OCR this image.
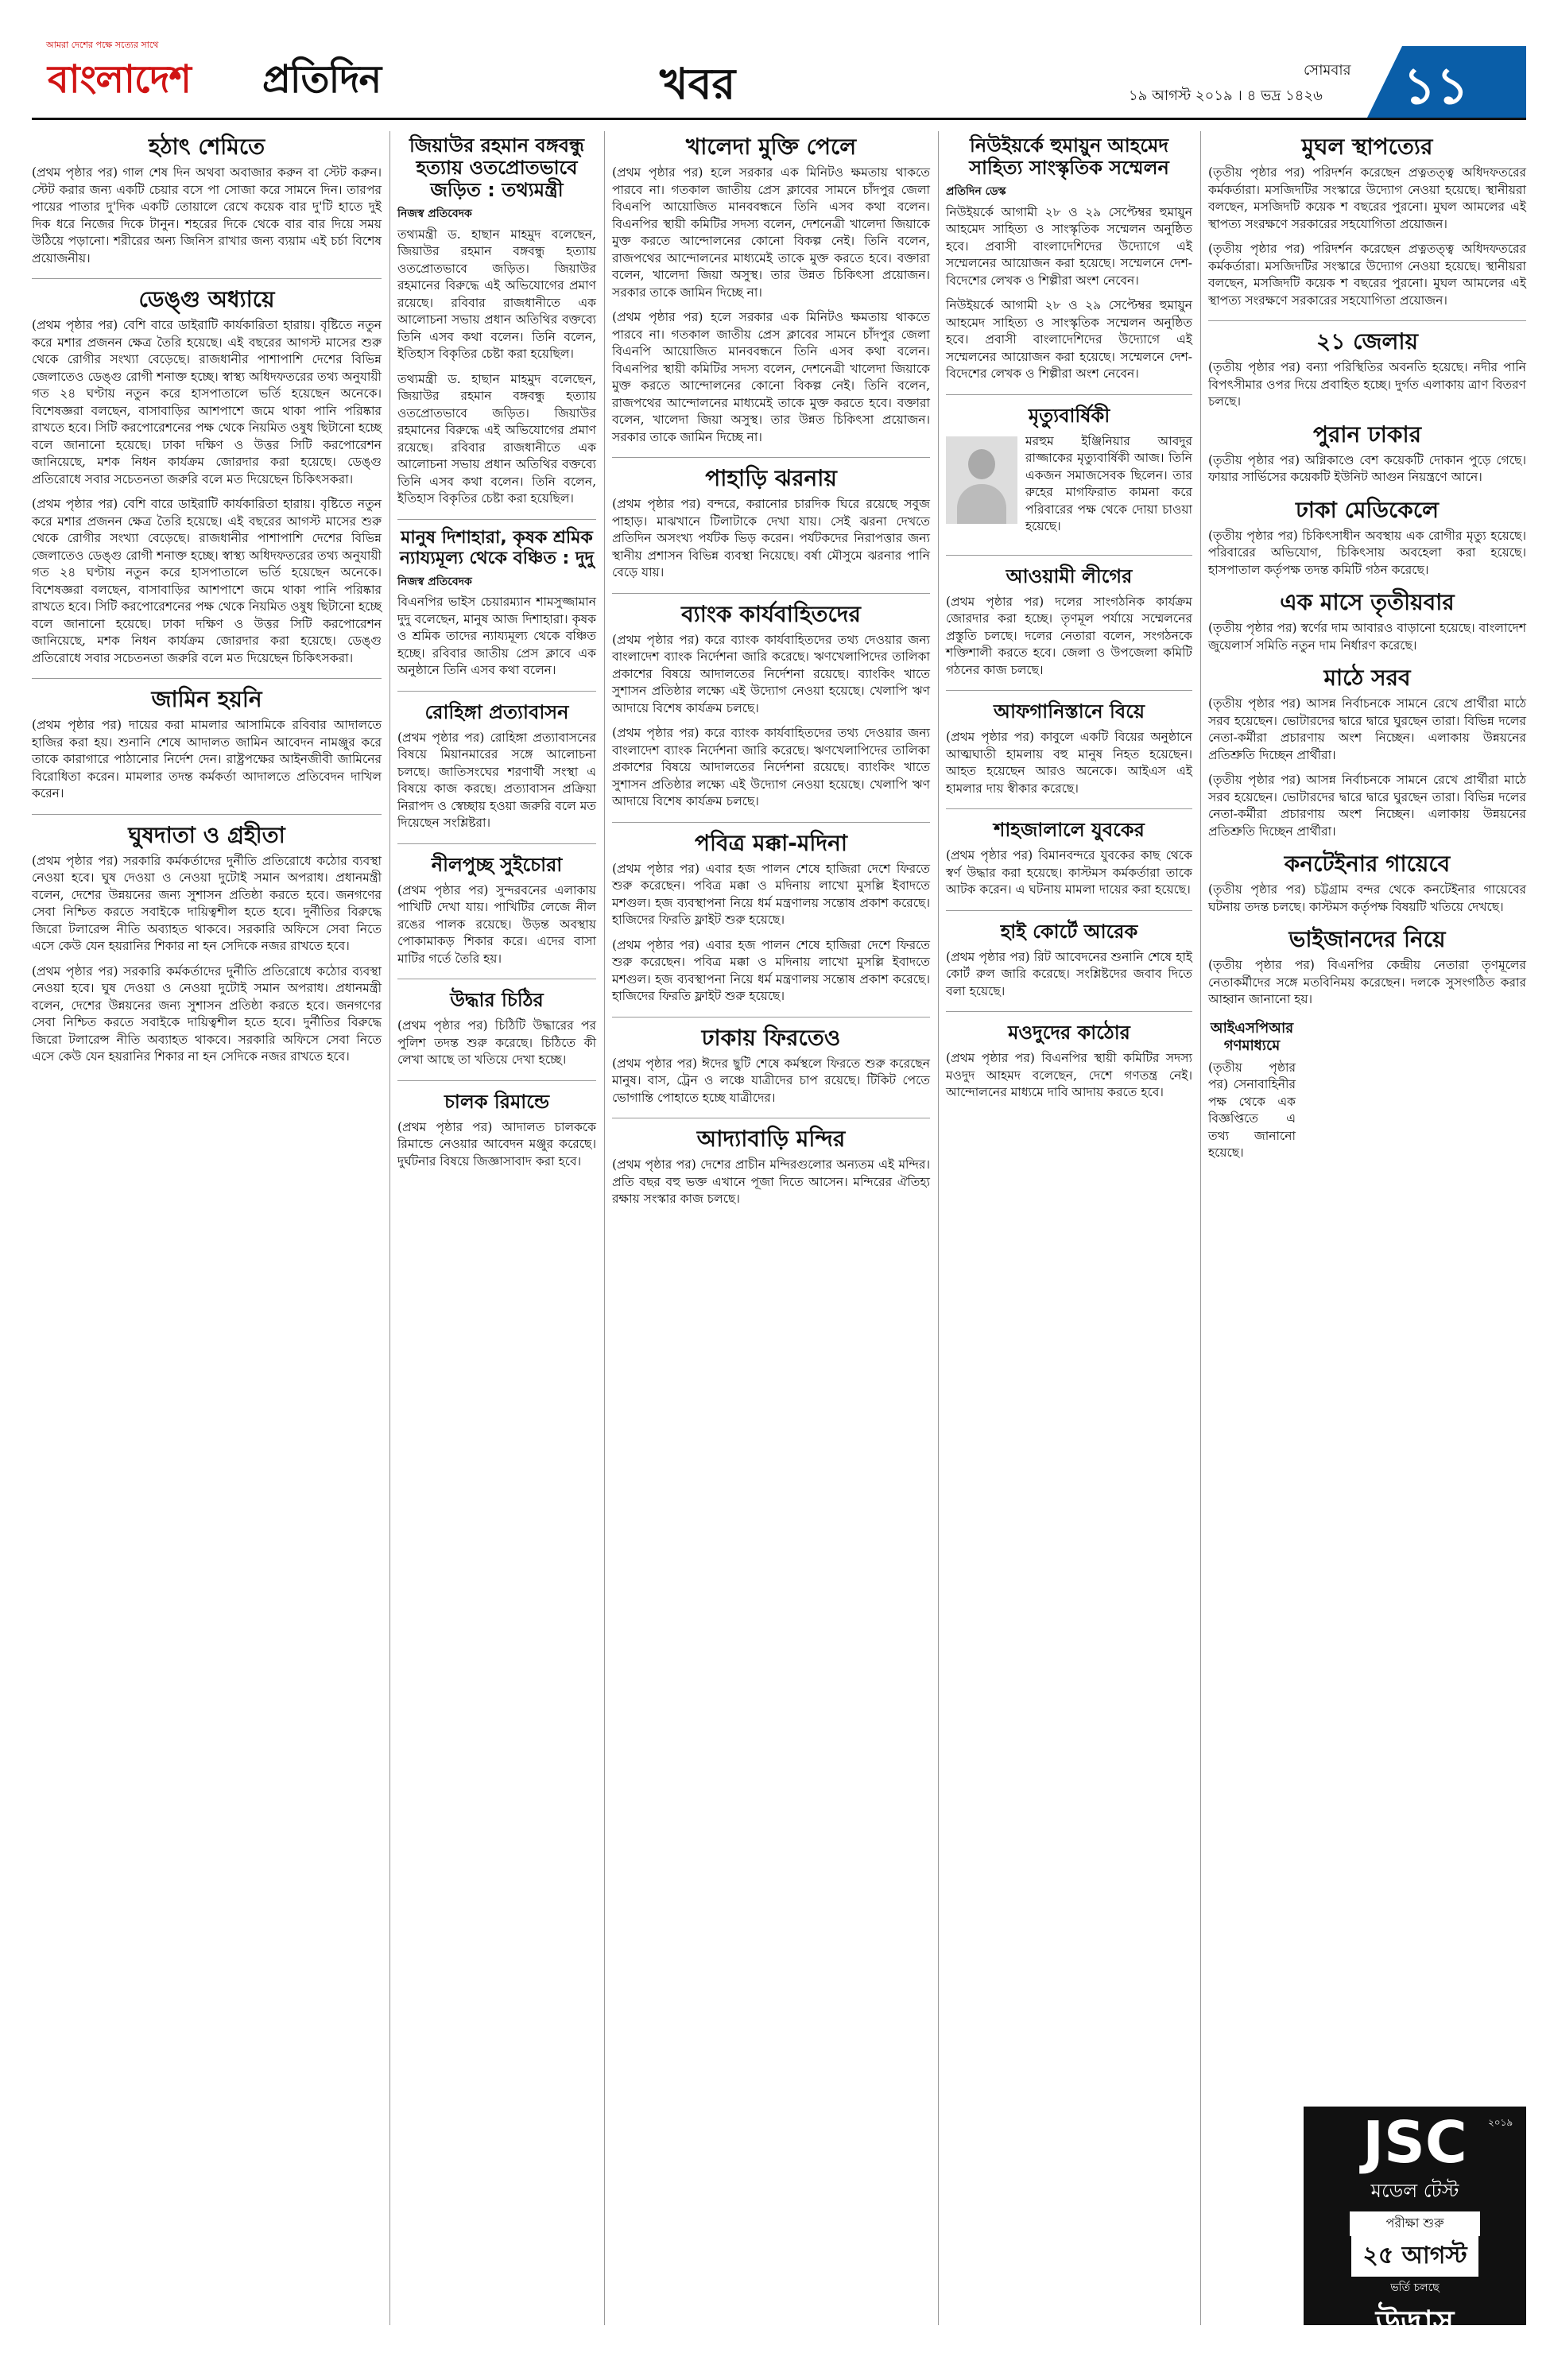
আমরা দেশের পক্ষে সত্যের সাথে
বাংলাদেশ প্রতিদিন	খবর	সোমবার
১৯ আগস্ট ২০১৯ । ৪ ভদ্র ১৪২৬ ১১
হঠাৎ শেমিতে

(প্রথম পৃষ্ঠার পর) গাল শেষ দিন অথবা অবাজার করুন বা স্টেট করুন। স্টেট করার জন্য একটি চেয়ার বসে পা সোজা করে সামনে দিন। তারপর পায়ের পাতার দু'দিক একটি তোয়ালে রেখে কয়েক বার দু'টি হাতে দুই দিক ধরে নিজের দিকে টানুন। শহরের দিকে থেকে বার বার দিয়ে সময় উঠিয়ে পড়ানো। শরীরের অন্য জিনিস রাখার জন্য ব্যয়াম এই চর্চা বিশেষ প্রয়োজনীয়।

ডেঙ্গু অধ্যায়ে

(প্রথম পৃষ্ঠার পর) বেশি বারে ডাইরাটি কার্যকারিতা হারায়। বৃষ্টিতে নতুন করে মশার প্রজনন ক্ষেত্র তৈরি হয়েছে। এই বছরের আগস্ট মাসের শুরু থেকে রোগীর সংখ্যা বেড়েছে। রাজধানীর পাশাপাশি দেশের বিভিন্ন জেলাতেও ডেঙ্গু রোগী শনাক্ত হচ্ছে। স্বাস্থ্য অধিদফতরের তথ্য অনুযায়ী গত ২৪ ঘণ্টায় নতুন করে হাসপাতালে ভর্তি হয়েছেন অনেকে। বিশেষজ্ঞরা বলছেন, বাসাবাড়ির আশপাশে জমে থাকা পানি পরিষ্কার রাখতে হবে। সিটি করপোরেশনের পক্ষ থেকে নিয়মিত ওষুধ ছিটানো হচ্ছে বলে জানানো হয়েছে। ঢাকা দক্ষিণ ও উত্তর সিটি করপোরেশন জানিয়েছে, মশক নিধন কার্যক্রম জোরদার করা হয়েছে। ডেঙ্গু প্রতিরোধে সবার সচেতনতা জরুরি বলে মত দিয়েছেন চিকিৎসকরা।

(প্রথম পৃষ্ঠার পর) বেশি বারে ডাইরাটি কার্যকারিতা হারায়। বৃষ্টিতে নতুন করে মশার প্রজনন ক্ষেত্র তৈরি হয়েছে। এই বছরের আগস্ট মাসের শুরু থেকে রোগীর সংখ্যা বেড়েছে। রাজধানীর পাশাপাশি দেশের বিভিন্ন জেলাতেও ডেঙ্গু রোগী শনাক্ত হচ্ছে। স্বাস্থ্য অধিদফতরের তথ্য অনুযায়ী গত ২৪ ঘণ্টায় নতুন করে হাসপাতালে ভর্তি হয়েছেন অনেকে। বিশেষজ্ঞরা বলছেন, বাসাবাড়ির আশপাশে জমে থাকা পানি পরিষ্কার রাখতে হবে। সিটি করপোরেশনের পক্ষ থেকে নিয়মিত ওষুধ ছিটানো হচ্ছে বলে জানানো হয়েছে। ঢাকা দক্ষিণ ও উত্তর সিটি করপোরেশন জানিয়েছে, মশক নিধন কার্যক্রম জোরদার করা হয়েছে। ডেঙ্গু প্রতিরোধে সবার সচেতনতা জরুরি বলে মত দিয়েছেন চিকিৎসকরা।

জামিন হয়নি

(প্রথম পৃষ্ঠার পর) দায়ের করা মামলার আসামিকে রবিবার আদালতে হাজির করা হয়। শুনানি শেষে আদালত জামিন আবেদন নামঞ্জুর করে তাকে কারাগারে পাঠানোর নির্দেশ দেন। রাষ্ট্রপক্ষের আইনজীবী জামিনের বিরোধিতা করেন। মামলার তদন্ত কর্মকর্তা আদালতে প্রতিবেদন দাখিল করেন।

ঘুষদাতা ও গ্রহীতা

(প্রথম পৃষ্ঠার পর) সরকারি কর্মকর্তাদের দুর্নীতি প্রতিরোধে কঠোর ব্যবস্থা নেওয়া হবে। ঘুষ দেওয়া ও নেওয়া দুটোই সমান অপরাধ। প্রধানমন্ত্রী বলেন, দেশের উন্নয়নের জন্য সুশাসন প্রতিষ্ঠা করতে হবে। জনগণের সেবা নিশ্চিত করতে সবাইকে দায়িত্বশীল হতে হবে। দুর্নীতির বিরুদ্ধে জিরো টলারেন্স নীতি অব্যাহত থাকবে। সরকারি অফিসে সেবা নিতে এসে কেউ যেন হয়রানির শিকার না হন সেদিকে নজর রাখতে হবে।

(প্রথম পৃষ্ঠার পর) সরকারি কর্মকর্তাদের দুর্নীতি প্রতিরোধে কঠোর ব্যবস্থা নেওয়া হবে। ঘুষ দেওয়া ও নেওয়া দুটোই সমান অপরাধ। প্রধানমন্ত্রী বলেন, দেশের উন্নয়নের জন্য সুশাসন প্রতিষ্ঠা করতে হবে। জনগণের সেবা নিশ্চিত করতে সবাইকে দায়িত্বশীল হতে হবে। দুর্নীতির বিরুদ্ধে জিরো টলারেন্স নীতি অব্যাহত থাকবে। সরকারি অফিসে সেবা নিতে এসে কেউ যেন হয়রানির শিকার না হন সেদিকে নজর রাখতে হবে।

জিয়াউর রহমান বঙ্গবন্ধু হত্যায় ওতপ্রোতভাবে জড়িত : তথ্যমন্ত্রী
নিজস্ব প্রতিবেদক

তথ্যমন্ত্রী ড. হাছান মাহমুদ বলেছেন, জিয়াউর রহমান বঙ্গবন্ধু হত্যায় ওতপ্রোতভাবে জড়িত। জিয়াউর রহমানের বিরুদ্ধে এই অভিযোগের প্রমাণ রয়েছে। রবিবার রাজধানীতে এক আলোচনা সভায় প্রধান অতিথির বক্তব্যে তিনি এসব কথা বলেন। তিনি বলেন, ইতিহাস বিকৃতির চেষ্টা করা হয়েছিল।

তথ্যমন্ত্রী ড. হাছান মাহমুদ বলেছেন, জিয়াউর রহমান বঙ্গবন্ধু হত্যায় ওতপ্রোতভাবে জড়িত। জিয়াউর রহমানের বিরুদ্ধে এই অভিযোগের প্রমাণ রয়েছে। রবিবার রাজধানীতে এক আলোচনা সভায় প্রধান অতিথির বক্তব্যে তিনি এসব কথা বলেন। তিনি বলেন, ইতিহাস বিকৃতির চেষ্টা করা হয়েছিল।

মানুষ দিশাহারা, কৃষক শ্রমিক ন্যায্যমূল্য থেকে বঞ্চিত : দুদু
নিজস্ব প্রতিবেদক

বিএনপির ভাইস চেয়ারম্যান শামসুজ্জামান দুদু বলেছেন, মানুষ আজ দিশাহারা। কৃষক ও শ্রমিক তাদের ন্যায্যমূল্য থেকে বঞ্চিত হচ্ছে। রবিবার জাতীয় প্রেস ক্লাবে এক অনুষ্ঠানে তিনি এসব কথা বলেন।

রোহিঙ্গা প্রত্যাবাসন

(প্রথম পৃষ্ঠার পর) রোহিঙ্গা প্রত্যাবাসনের বিষয়ে মিয়ানমারের সঙ্গে আলোচনা চলছে। জাতিসংঘের শরণার্থী সংস্থা এ বিষয়ে কাজ করছে। প্রত্যাবাসন প্রক্রিয়া নিরাপদ ও স্বেচ্ছায় হওয়া জরুরি বলে মত দিয়েছেন সংশ্লিষ্টরা।

নীলপুচ্ছ সুইচোরা

(প্রথম পৃষ্ঠার পর) সুন্দরবনের এলাকায় পাখিটি দেখা যায়। পাখিটির লেজে নীল রঙের পালক রয়েছে। উড়ন্ত অবস্থায় পোকামাকড় শিকার করে। এদের বাসা মাটির গর্তে তৈরি হয়।

উদ্ধার চিঠির

(প্রথম পৃষ্ঠার পর) চিঠিটি উদ্ধারের পর পুলিশ তদন্ত শুরু করেছে। চিঠিতে কী লেখা আছে তা খতিয়ে দেখা হচ্ছে।

চালক রিমান্ডে

(প্রথম পৃষ্ঠার পর) আদালত চালককে রিমান্ডে নেওয়ার আবেদন মঞ্জুর করেছে। দুর্ঘটনার বিষয়ে জিজ্ঞাসাবাদ করা হবে।

খালেদা মুক্তি পেলে

(প্রথম পৃষ্ঠার পর) হলে সরকার এক মিনিটও ক্ষমতায় থাকতে পারবে না। গতকাল জাতীয় প্রেস ক্লাবের সামনে চাঁদপুর জেলা বিএনপি আয়োজিত মানববন্ধনে তিনি এসব কথা বলেন। বিএনপির স্থায়ী কমিটির সদস্য বলেন, দেশনেত্রী খালেদা জিয়াকে মুক্ত করতে আন্দোলনের কোনো বিকল্প নেই। তিনি বলেন, রাজপথের আন্দোলনের মাধ্যমেই তাকে মুক্ত করতে হবে। বক্তারা বলেন, খালেদা জিয়া অসুস্থ। তার উন্নত চিকিৎসা প্রয়োজন। সরকার তাকে জামিন দিচ্ছে না।

(প্রথম পৃষ্ঠার পর) হলে সরকার এক মিনিটও ক্ষমতায় থাকতে পারবে না। গতকাল জাতীয় প্রেস ক্লাবের সামনে চাঁদপুর জেলা বিএনপি আয়োজিত মানববন্ধনে তিনি এসব কথা বলেন। বিএনপির স্থায়ী কমিটির সদস্য বলেন, দেশনেত্রী খালেদা জিয়াকে মুক্ত করতে আন্দোলনের কোনো বিকল্প নেই। তিনি বলেন, রাজপথের আন্দোলনের মাধ্যমেই তাকে মুক্ত করতে হবে। বক্তারা বলেন, খালেদা জিয়া অসুস্থ। তার উন্নত চিকিৎসা প্রয়োজন। সরকার তাকে জামিন দিচ্ছে না।

পাহাড়ি ঝরনায়

(প্রথম পৃষ্ঠার পর) বন্দরে, করানোর চারদিক ঘিরে রয়েছে সবুজ পাহাড়। মাঝখানে টিলাটাকে দেখা যায়। সেই ঝরনা দেখতে প্রতিদিন অসংখ্য পর্যটক ভিড় করেন। পর্যটকদের নিরাপত্তার জন্য স্থানীয় প্রশাসন বিভিন্ন ব্যবস্থা নিয়েছে। বর্ষা মৌসুমে ঝরনার পানি বেড়ে যায়।

ব্যাংক কার্যবাহিতদের

(প্রথম পৃষ্ঠার পর) করে ব্যাংক কার্যবাহিতদের তথ্য দেওয়ার জন্য বাংলাদেশ ব্যাংক নির্দেশনা জারি করেছে। ঋণখেলাপিদের তালিকা প্রকাশের বিষয়ে আদালতের নির্দেশনা রয়েছে। ব্যাংকিং খাতে সুশাসন প্রতিষ্ঠার লক্ষ্যে এই উদ্যোগ নেওয়া হয়েছে। খেলাপি ঋণ আদায়ে বিশেষ কার্যক্রম চলছে।

(প্রথম পৃষ্ঠার পর) করে ব্যাংক কার্যবাহিতদের তথ্য দেওয়ার জন্য বাংলাদেশ ব্যাংক নির্দেশনা জারি করেছে। ঋণখেলাপিদের তালিকা প্রকাশের বিষয়ে আদালতের নির্দেশনা রয়েছে। ব্যাংকিং খাতে সুশাসন প্রতিষ্ঠার লক্ষ্যে এই উদ্যোগ নেওয়া হয়েছে। খেলাপি ঋণ আদায়ে বিশেষ কার্যক্রম চলছে।

পবিত্র মক্কা-মদিনা

(প্রথম পৃষ্ঠার পর) এবার হজ পালন শেষে হাজিরা দেশে ফিরতে শুরু করেছেন। পবিত্র মক্কা ও মদিনায় লাখো মুসল্লি ইবাদতে মশগুল। হজ ব্যবস্থাপনা নিয়ে ধর্ম মন্ত্রণালয় সন্তোষ প্রকাশ করেছে। হাজিদের ফিরতি ফ্লাইট শুরু হয়েছে।

(প্রথম পৃষ্ঠার পর) এবার হজ পালন শেষে হাজিরা দেশে ফিরতে শুরু করেছেন। পবিত্র মক্কা ও মদিনায় লাখো মুসল্লি ইবাদতে মশগুল। হজ ব্যবস্থাপনা নিয়ে ধর্ম মন্ত্রণালয় সন্তোষ প্রকাশ করেছে। হাজিদের ফিরতি ফ্লাইট শুরু হয়েছে।

ঢাকায় ফিরতেও

(প্রথম পৃষ্ঠার পর) ঈদের ছুটি শেষে কর্মস্থলে ফিরতে শুরু করেছেন মানুষ। বাস, ট্রেন ও লঞ্চে যাত্রীদের চাপ রয়েছে। টিকিট পেতে ভোগান্তি পোহাতে হচ্ছে যাত্রীদের।

আদ্যাবাড়ি মন্দির

(প্রথম পৃষ্ঠার পর) দেশের প্রাচীন মন্দিরগুলোর অন্যতম এই মন্দির। প্রতি বছর বহু ভক্ত এখানে পূজা দিতে আসেন। মন্দিরের ঐতিহ্য রক্ষায় সংস্কার কাজ চলছে।

নিউইয়র্কে হুমায়ুন আহমেদ সাহিত্য সাংস্কৃতিক সম্মেলন
প্রতিদিন ডেস্ক

নিউইয়র্কে আগামী ২৮ ও ২৯ সেপ্টেম্বর হুমায়ুন আহমেদ সাহিত্য ও সাংস্কৃতিক সম্মেলন অনুষ্ঠিত হবে। প্রবাসী বাংলাদেশিদের উদ্যোগে এই সম্মেলনের আয়োজন করা হয়েছে। সম্মেলনে দেশ-বিদেশের লেখক ও শিল্পীরা অংশ নেবেন।

নিউইয়র্কে আগামী ২৮ ও ২৯ সেপ্টেম্বর হুমায়ুন আহমেদ সাহিত্য ও সাংস্কৃতিক সম্মেলন অনুষ্ঠিত হবে। প্রবাসী বাংলাদেশিদের উদ্যোগে এই সম্মেলনের আয়োজন করা হয়েছে। সম্মেলনে দেশ-বিদেশের লেখক ও শিল্পীরা অংশ নেবেন।

মৃত্যুবার্ষিকী

মরহুম ইঞ্জিনিয়ার আবদুর রাজ্জাকের মৃত্যুবার্ষিকী আজ। তিনি একজন সমাজসেবক ছিলেন। তার রুহের মাগফিরাত কামনা করে পরিবারের পক্ষ থেকে দোয়া চাওয়া হয়েছে।

আওয়ামী লীগের

(প্রথম পৃষ্ঠার পর) দলের সাংগঠনিক কার্যক্রম জোরদার করা হচ্ছে। তৃণমূল পর্যায়ে সম্মেলনের প্রস্তুতি চলছে। দলের নেতারা বলেন, সংগঠনকে শক্তিশালী করতে হবে। জেলা ও উপজেলা কমিটি গঠনের কাজ চলছে।

আফগানিস্তানে বিয়ে

(প্রথম পৃষ্ঠার পর) কাবুলে একটি বিয়ের অনুষ্ঠানে আত্মঘাতী হামলায় বহু মানুষ নিহত হয়েছেন। আহত হয়েছেন আরও অনেকে। আইএস এই হামলার দায় স্বীকার করেছে।

শাহজালালে যুবকের

(প্রথম পৃষ্ঠার পর) বিমানবন্দরে যুবকের কাছ থেকে স্বর্ণ উদ্ধার করা হয়েছে। কাস্টমস কর্মকর্তারা তাকে আটক করেন। এ ঘটনায় মামলা দায়ের করা হয়েছে।

হাই কোর্টে আরেক

(প্রথম পৃষ্ঠার পর) রিট আবেদনের শুনানি শেষে হাই কোর্ট রুল জারি করেছে। সংশ্লিষ্টদের জবাব দিতে বলা হয়েছে।

মওদুদের কাঠোর

(প্রথম পৃষ্ঠার পর) বিএনপির স্থায়ী কমিটির সদস্য মওদুদ আহমদ বলেছেন, দেশে গণতন্ত্র নেই। আন্দোলনের মাধ্যমে দাবি আদায় করতে হবে।

মুঘল স্থাপত্যের

(তৃতীয় পৃষ্ঠার পর) পরিদর্শন করেছেন প্রত্নতত্ত্ব অধিদফতরের কর্মকর্তারা। মসজিদটির সংস্কারে উদ্যোগ নেওয়া হয়েছে। স্থানীয়রা বলছেন, মসজিদটি কয়েক শ বছরের পুরনো। মুঘল আমলের এই স্থাপত্য সংরক্ষণে সরকারের সহযোগিতা প্রয়োজন।

(তৃতীয় পৃষ্ঠার পর) পরিদর্শন করেছেন প্রত্নতত্ত্ব অধিদফতরের কর্মকর্তারা। মসজিদটির সংস্কারে উদ্যোগ নেওয়া হয়েছে। স্থানীয়রা বলছেন, মসজিদটি কয়েক শ বছরের পুরনো। মুঘল আমলের এই স্থাপত্য সংরক্ষণে সরকারের সহযোগিতা প্রয়োজন।

২১ জেলায়

(তৃতীয় পৃষ্ঠার পর) বন্যা পরিস্থিতির অবনতি হয়েছে। নদীর পানি বিপৎসীমার ওপর দিয়ে প্রবাহিত হচ্ছে। দুর্গত এলাকায় ত্রাণ বিতরণ চলছে।

পুরান ঢাকার

(তৃতীয় পৃষ্ঠার পর) অগ্নিকাণ্ডে বেশ কয়েকটি দোকান পুড়ে গেছে। ফায়ার সার্ভিসের কয়েকটি ইউনিট আগুন নিয়ন্ত্রণে আনে।

ঢাকা মেডিকেলে

(তৃতীয় পৃষ্ঠার পর) চিকিৎসাধীন অবস্থায় এক রোগীর মৃত্যু হয়েছে। পরিবারের অভিযোগ, চিকিৎসায় অবহেলা করা হয়েছে। হাসপাতাল কর্তৃপক্ষ তদন্ত কমিটি গঠন করেছে।

এক মাসে তৃতীয়বার

(তৃতীয় পৃষ্ঠার পর) স্বর্ণের দাম আবারও বাড়ানো হয়েছে। বাংলাদেশ জুয়েলার্স সমিতি নতুন দাম নির্ধারণ করেছে।

মাঠে সরব

(তৃতীয় পৃষ্ঠার পর) আসন্ন নির্বাচনকে সামনে রেখে প্রার্থীরা মাঠে সরব হয়েছেন। ভোটারদের দ্বারে দ্বারে ঘুরছেন তারা। বিভিন্ন দলের নেতা-কর্মীরা প্রচারণায় অংশ নিচ্ছেন। এলাকায় উন্নয়নের প্রতিশ্রুতি দিচ্ছেন প্রার্থীরা।

(তৃতীয় পৃষ্ঠার পর) আসন্ন নির্বাচনকে সামনে রেখে প্রার্থীরা মাঠে সরব হয়েছেন। ভোটারদের দ্বারে দ্বারে ঘুরছেন তারা। বিভিন্ন দলের নেতা-কর্মীরা প্রচারণায় অংশ নিচ্ছেন। এলাকায় উন্নয়নের প্রতিশ্রুতি দিচ্ছেন প্রার্থীরা।

কনটেইনার গায়েবে

(তৃতীয় পৃষ্ঠার পর) চট্টগ্রাম বন্দর থেকে কনটেইনার গায়েবের ঘটনায় তদন্ত চলছে। কাস্টমস কর্তৃপক্ষ বিষয়টি খতিয়ে দেখছে।

ভাইজানদের নিয়ে

(তৃতীয় পৃষ্ঠার পর) বিএনপির কেন্দ্রীয় নেতারা তৃণমূলের নেতাকর্মীদের সঙ্গে মতবিনিময় করেছেন। দলকে সুসংগঠিত করার আহ্বান জানানো হয়।

আইএসপিআর গণমাধ্যমে

(তৃতীয় পৃষ্ঠার পর) সেনাবাহিনীর পক্ষ থেকে এক বিজ্ঞপ্তিতে এ তথ্য জানানো হয়েছে।

JSC	২০১৯
মডেল টেস্ট
পরীক্ষা শুরু
২৫ আগস্ট
ভর্তি চলছে
উদ্ভাস
০১৭১৩২৩৬৭৮০
